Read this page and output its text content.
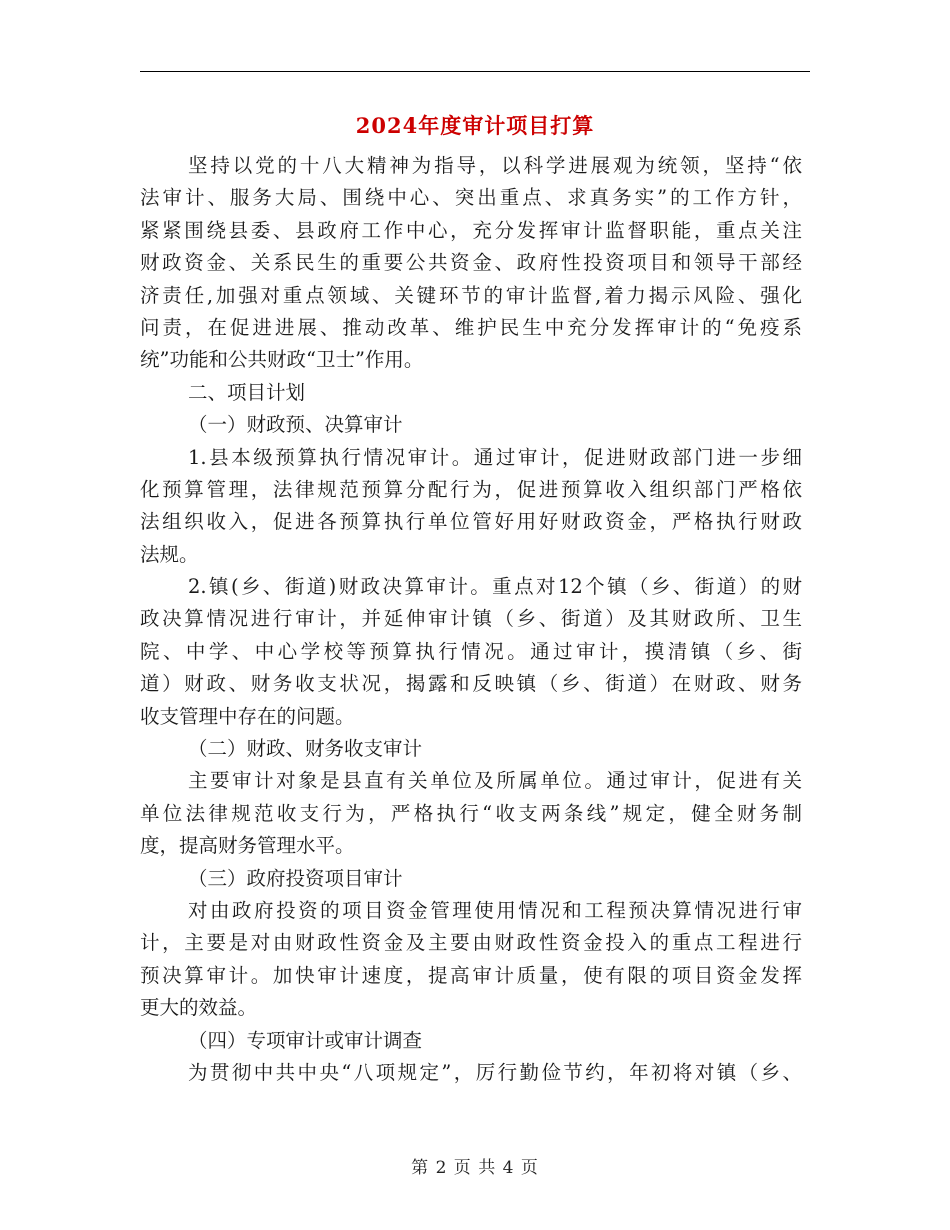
2024年度审计项目打算
坚持以党的十八大精神为指导，以科学进展观为统领，坚持“依
法审计、服务大局、围绕中心、突出重点、求真务实”的工作方针，
紧紧围绕县委、县政府工作中心，充分发挥审计监督职能，重点关注
财政资金、关系民生的重要公共资金、政府性投资项目和领导干部经
济责任,加强对重点领域、关键环节的审计监督,着力揭示风险、强化
问责，在促进进展、推动改革、维护民生中充分发挥审计的“免疫系
统”功能和公共财政“卫士”作用。
二、项目计划
（一）财政预、决算审计
1.县本级预算执行情况审计。通过审计，促进财政部门进一步细
化预算管理，法律规范预算分配行为，促进预算收入组织部门严格依
法组织收入，促进各预算执行单位管好用好财政资金，严格执行财政
法规。
2.镇(乡、街道)财政决算审计。重点对12个镇（乡、街道）的财
政决算情况进行审计，并延伸审计镇（乡、街道）及其财政所、卫生
院、中学、中心学校等预算执行情况。通过审计，摸清镇（乡、街
道）财政、财务收支状况，揭露和反映镇（乡、街道）在财政、财务
收支管理中存在的问题。
（二）财政、财务收支审计
主要审计对象是县直有关单位及所属单位。通过审计，促进有关
单位法律规范收支行为，严格执行“收支两条线”规定，健全财务制
度，提高财务管理水平。
（三）政府投资项目审计
对由政府投资的项目资金管理使用情况和工程预决算情况进行审
计，主要是对由财政性资金及主要由财政性资金投入的重点工程进行
预决算审计。加快审计速度，提高审计质量，使有限的项目资金发挥
更大的效益。
（四）专项审计或审计调查
为贯彻中共中央“八项规定”，厉行勤俭节约，年初将对镇（乡、
第 2 页 共 4 页
